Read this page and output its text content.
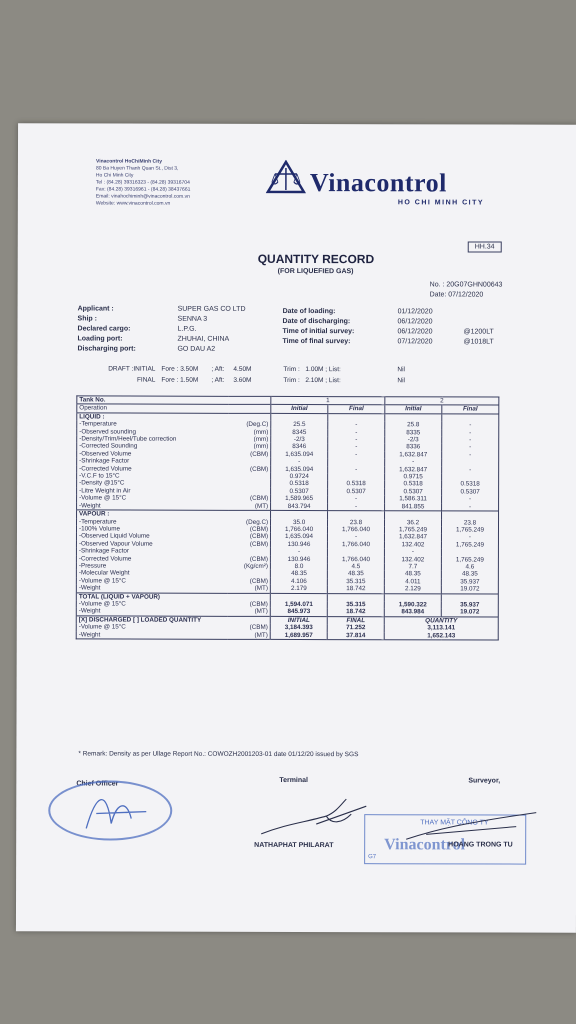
Vinacontrol HoChiMinh City
80 Ba Huyen Thanh Quan St., Dist 3,
Ho Chi Minh City
Tel : (84.28) 39316323 - (84.28) 39316704
Fax: (84.28) 39316961 - (84.28) 38437661
Email: vinahochiminh@vinacontrol.com.vn
Website: www.vinacontrol.com.vn
Vinacontrol
HO CHI MINH CITY
HH.34
QUANTITY RECORD
(FOR LIQUEFIED GAS)
No. : 20G07GHN00643
Date: 07/12/2020
Applicant :	SUPER GAS CO LTD
Ship :	SENNA 3
Declared cargo:	L.P.G.
Loading port:	ZHUHAI, CHINA
Discharging port:	GO DAU A2
Date of loading:	01/12/2020
Date of discharging:	06/12/2020
Time of initial survey:	06/12/2020	@1200LT
Time of final survey:	07/12/2020	@1018LT
DRAFT :INITIAL Fore : 3.50M ; Aft: 4.50M	Trim : 1.00M ; List:	Nil
FINAL Fore : 1.50M ; Aft: 3.60M	Trim : 2.10M ; List:	Nil
Tank No.		1		2	
Operation		Initial	Final	Initial	Final
LIQUID :					
-Temperature	(Deg.C)	25.5	-	25.8	-
-Observed sounding	(mm)	8345	-	8335	-
-Density/Trim/Heel/Tube correction	(mm)	-2/3	-	-2/3	-
-Corrected Sounding	(mm)	8346	-	8336	-
-Observed Volume	(CBM)	1,635.094	-	1,632.847	-
-Shrinkage Factor		-		-	
-Corrected Volume	(CBM)	1,635.094	-	1,632.847	-
-V.C.F to 15°C		0.9724		0.9715	
-Density @15°C		0.5318	0.5318	0.5318	0.5318
-Litre Weight in Air		0.5307	0.5307	0.5307	0.5307
-Volume @ 15°C	(CBM)	1,589.965	-	1,586.311	-
-Weight	(MT)	843.794	-	841.855	-
VAPOUR :					
-Temperature	(Deg.C)	35.0	23.8	36.2	23.8
-100% Volume	(CBM)	1,766.040	1,766.040	1,765.249	1,765.249
-Observed Liquid Volume	(CBM)	1,635.094	-	1,632.847	-
-Observed Vapour Volume	(CBM)	130.946	1,766.040	132.402	1,765.249
-Shrinkage Factor		-		-	
-Corrected Volume	(CBM)	130.946	1,766.040	132.402	1,765.249
-Pressure	(Kg/cm²)	8.0	4.5	7.7	4.6
-Molecular Weight		48.35	48.35	48.35	48.35
-Volume @ 15°C	(CBM)	4.106	35.315	4.011	35.937
-Weight	(MT)	2.179	18.742	2.129	19.072
TOTAL (LIQUID + VAPOUR)					
-Volume @ 15°C	(CBM)	1,594.071	35.315	1,590.322	35.937
-Weight	(MT)	845.973	18.742	843.984	19.072
[X] DISCHARGED [ ] LOADED QUANTITY		INITIAL	FINAL	QUANTITY	
-Volume @ 15°C	(CBM)	3,184.393	71.252	3,113.141	
-Weight	(MT)	1,689.957	37.814	1,652.143	
* Remark: Density as per Ullage Report No.: COWOZH2001203-01 date 01/12/20 issued by SGS
Chief Officer	Terminal	Surveyor,
NATHAPHAT PHILARAT
THAY MẶT CÔNG TY
Vinacontrol
HOANG TRONG TU
G7
